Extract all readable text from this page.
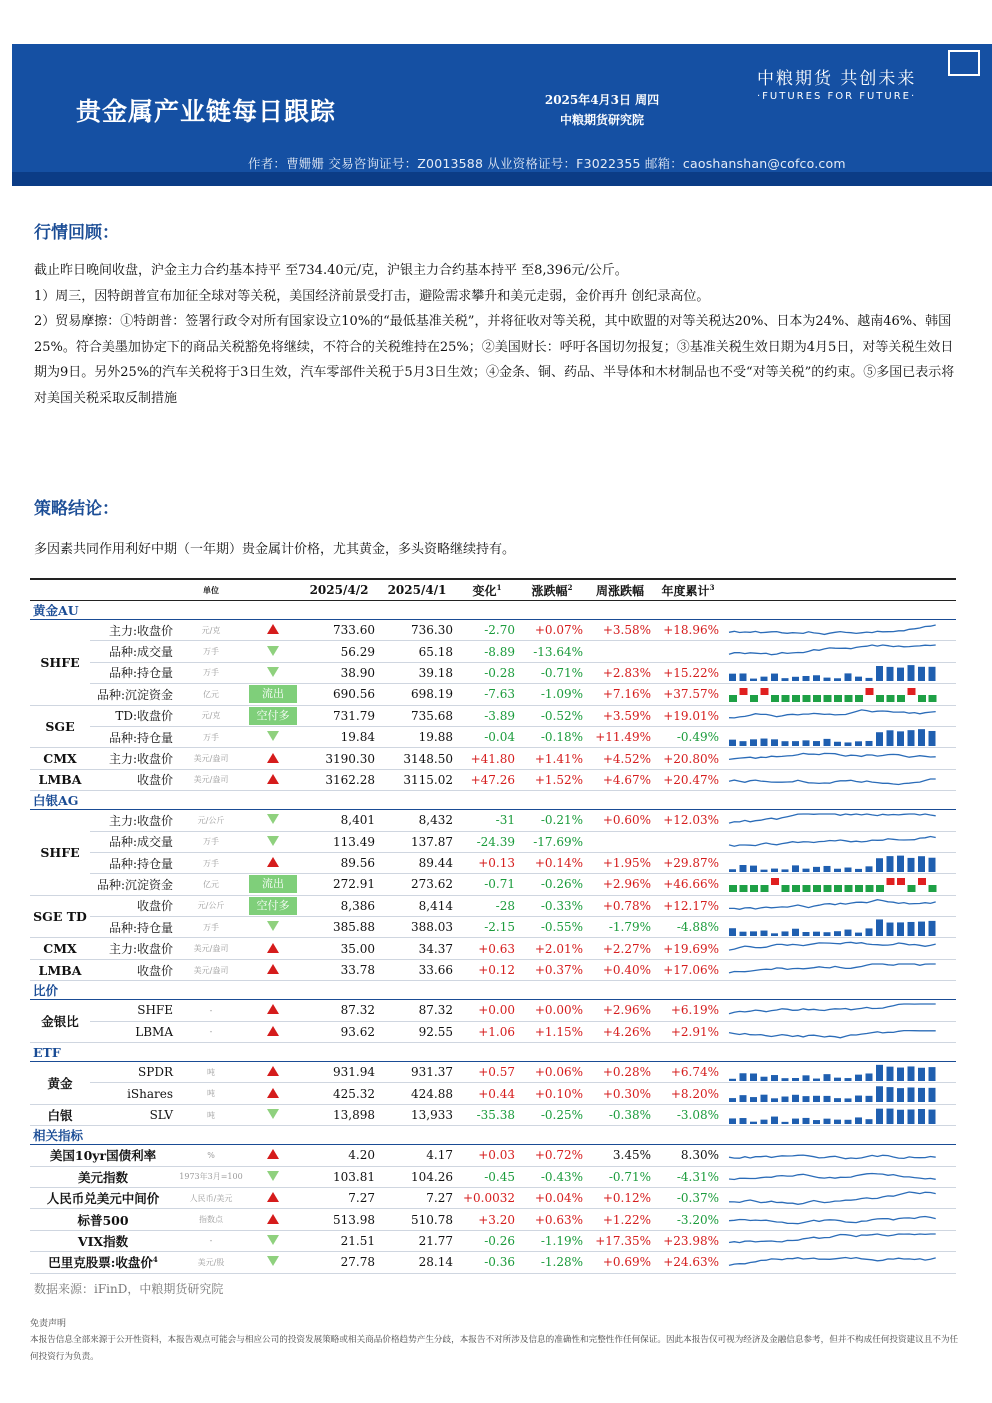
贵金属产业链每日跟踪	2025年4月3日 周四
中粮期货研究院
中粮期货 共创未来
·FUTURES FOR FUTURE·
作者：曹姗姗 交易咨询证号：Z0013588 从业资格证号：F3022355 邮箱：caoshanshan@cofco.com
行情回顾：
截止昨日晚间收盘，沪金主力合约基本持平 至734.40元/克，沪银主力合约基本持平 至8,396元/公斤。
1）周三，因特朗普宣布加征全球对等关税，美国经济前景受打击，避险需求攀升和美元走弱，金价再升 创纪录高位。
2）贸易摩擦：①特朗普：签署行政令对所有国家设立10%的“最低基准关税”，并将征收对等关税，其中欧盟的对等关税达20%、日本为24%、越南46%、韩国25%。符合美墨加协定下的商品关税豁免将继续，不符合的关税维持在25%；②美国财长：呼吁各国切勿报复；③基准关税生效日期为4月5日，对等关税生效日期为9日。另外25%的汽车关税将于3日生效，汽车零部件关税于5月3日生效；④金条、铜、药品、半导体和木材制品也不受“对等关税”的约束。⑤多国已表示将对美国关税采取反制措施
策略结论：
多因素共同作用利好中期（一年期）贵金属计价格，尤其黄金，多头资略继续持有。
		单位		2025/4/2	2025/4/1	变化$^1$	涨跌幅$^2$	周涨跌幅	年度累计$^3$	
黄金AU										
SHFE	主力:收盘价	元/克		733.60	736.30	-2.70	+0.07%	+3.58%	+18.96%	

	品种:成交量	万手		56.29	65.18	-8.89	-13.64%			

	品种:持仓量	万手		38.90	39.18	-0.28	-0.71%	+2.83%	+15.22%	

	品种:沉淀资金	亿元	流出	690.56	698.19	-7.63	-1.09%	+7.16%	+37.57%	

SGE	TD:收盘价	元/克	空付多	731.79	735.68	-3.89	-0.52%	+3.59%	+19.01%	

	品种:持仓量	万手		19.84	19.88	-0.04	-0.18%	+11.49%	-0.49%	

CMX	主力:收盘价	美元/盎司		3190.30	3148.50	+41.80	+1.41%	+4.52%	+20.80%	

LMBA	收盘价	美元/盎司		3162.28	3115.02	+47.26	+1.52%	+4.67%	+20.47%	

白银AG										
SHFE	主力:收盘价	元/公斤		8,401	8,432	-31	-0.21%	+0.60%	+12.03%	

	品种:成交量	万手		113.49	137.87	-24.39	-17.69%			

	品种:持仓量	万手		89.56	89.44	+0.13	+0.14%	+1.95%	+29.87%	

	品种:沉淀资金	亿元	流出	272.91	273.62	-0.71	-0.26%	+2.96%	+46.66%	

SGE TD	收盘价	元/公斤	空付多	8,386	8,414	-28	-0.33%	+0.78%	+12.17%	

	品种:持仓量	万手		385.88	388.03	-2.15	-0.55%	-1.79%	-4.88%	

CMX	主力:收盘价	美元/盎司		35.00	34.37	+0.63	+2.01%	+2.27%	+19.69%	

LMBA	收盘价	美元/盎司		33.78	33.66	+0.12	+0.37%	+0.40%	+17.06%	

比价										
金银比	SHFE	-		87.32	87.32	+0.00	+0.00%	+2.96%	+6.19%	

	LBMA	-		93.62	92.55	+1.06	+1.15%	+4.26%	+2.91%	

ETF										
黄金	SPDR	吨		931.94	931.37	+0.57	+0.06%	+0.28%	+6.74%	

	iShares	吨		425.32	424.88	+0.44	+0.10%	+0.30%	+8.20%	

白银	SLV	吨		13,898	13,933	-35.38	-0.25%	-0.38%	-3.08%	

相关指标										
美国10yr国债利率		%		4.20	4.17	+0.03	+0.72%	3.45%	8.30%	

美元指数		1973年3月=100		103.81	104.26	-0.45	-0.43%	-0.71%	-4.31%	

人民币兑美元中间价		人民币/美元		7.27	7.27	+0.0032	+0.04%	+0.12%	-0.37%	

标普500		指数点		513.98	510.78	+3.20	+0.63%	+1.22%	-3.20%	

VIX指数		-		21.51	21.77	-0.26	-1.19%	+17.35%	+23.98%	

巴里克股票:收盘价$^4$		美元/股		27.78	28.14	-0.36	-1.28%	+0.69%	+24.63%	
数据来源：iFinD，中粮期货研究院
免责声明
本报告信息全部来源于公开性资料，本报告观点可能会与相应公司的投资发展策略或相关商品价格趋势产生分歧，本报告不对所涉及信息的准确性和完整性作任何保证。因此本报告仅可视为经济及金融信息参考，但并不构成任何投资建议且不为任何投资行为负责。
